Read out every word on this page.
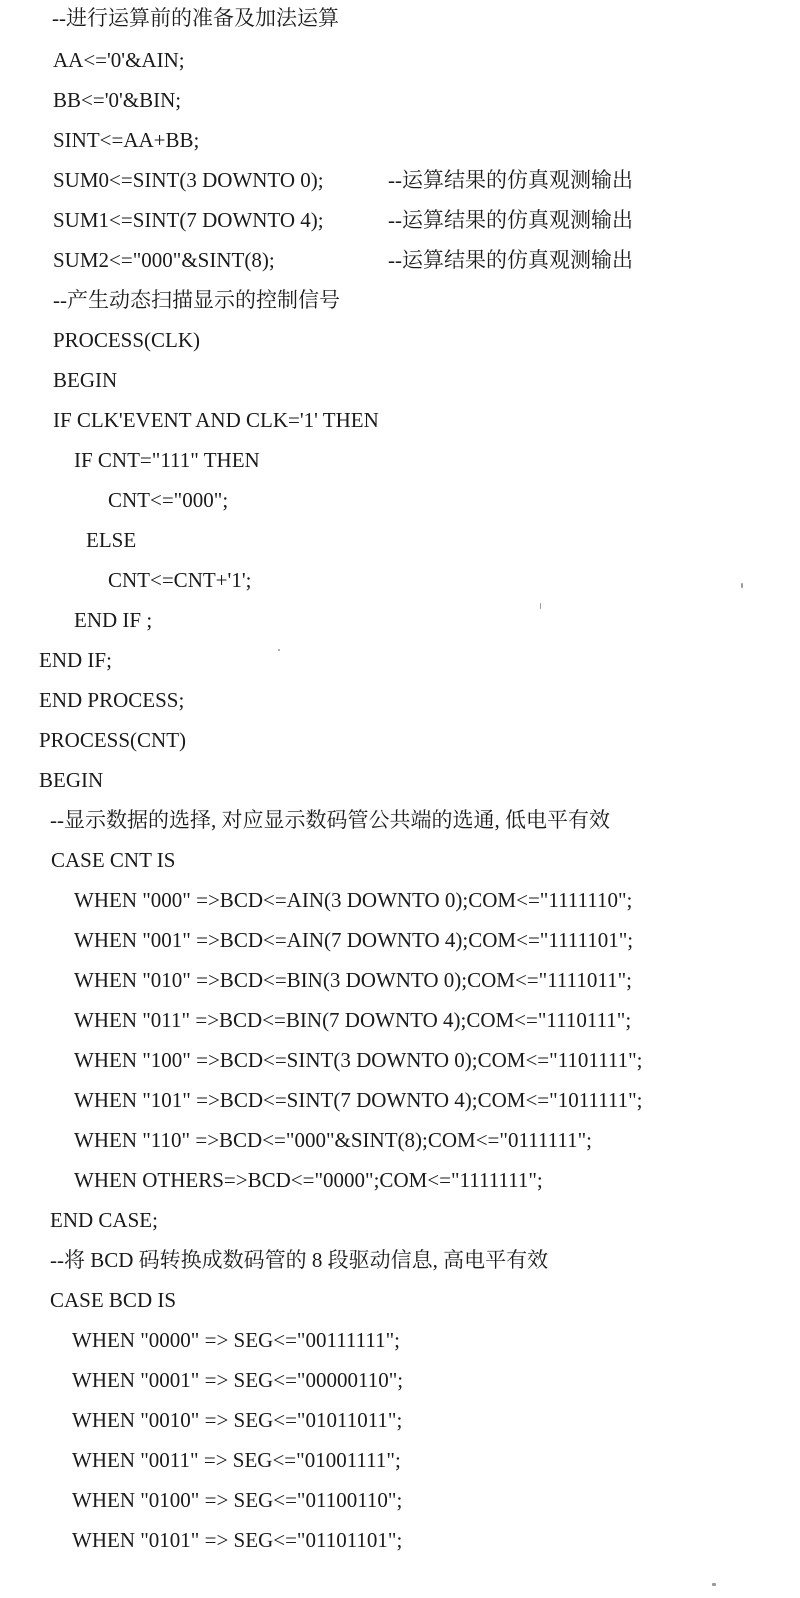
--进行运算前的准备及加法运算
AA<='0'&AIN;
BB<='0'&BIN;
SINT<=AA+BB;
SUM0<=SINT(3 DOWNTO 0);	--运算结果的仿真观测输出
SUM1<=SINT(7 DOWNTO 4);	--运算结果的仿真观测输出
SUM2<="000"&SINT(8);	--运算结果的仿真观测输出
--产生动态扫描显示的控制信号
PROCESS(CLK)
BEGIN
IF CLK'EVENT AND CLK='1' THEN
IF CNT="111" THEN
CNT<="000";
ELSE
CNT<=CNT+'1';
END IF ;
END IF;
END PROCESS;
PROCESS(CNT)
BEGIN
--显示数据的选择, 对应显示数码管公共端的选通, 低电平有效
CASE CNT IS
WHEN "000" =>BCD<=AIN(3 DOWNTO 0);COM<="1111110";
WHEN "001" =>BCD<=AIN(7 DOWNTO 4);COM<="1111101";
WHEN "010" =>BCD<=BIN(3 DOWNTO 0);COM<="1111011";
WHEN "011" =>BCD<=BIN(7 DOWNTO 4);COM<="1110111";
WHEN "100" =>BCD<=SINT(3 DOWNTO 0);COM<="1101111";
WHEN "101" =>BCD<=SINT(7 DOWNTO 4);COM<="1011111";
WHEN "110" =>BCD<="000"&SINT(8);COM<="0111111";
WHEN OTHERS=>BCD<="0000";COM<="1111111";
END CASE;
--将 BCD 码转换成数码管的 8 段驱动信息, 高电平有效
CASE BCD IS
WHEN "0000" => SEG<="00111111";
WHEN "0001" => SEG<="00000110";
WHEN "0010" => SEG<="01011011";
WHEN "0011" => SEG<="01001111";
WHEN "0100" => SEG<="01100110";
WHEN "0101" => SEG<="01101101";
